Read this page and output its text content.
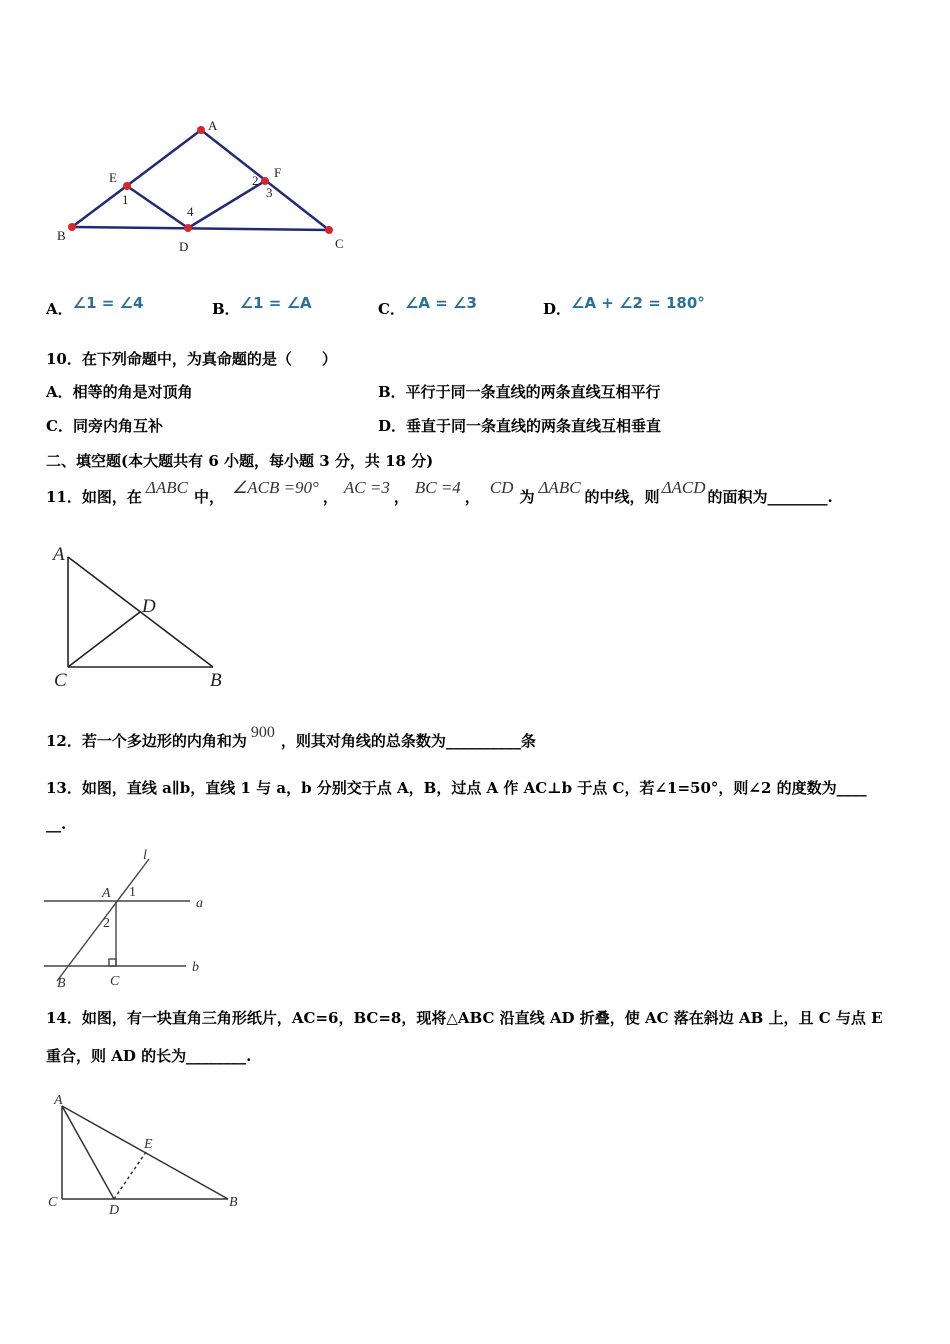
A
E	F
B
D	C
1
2
3
4
A．∠1 = ∠4	B．∠1 = ∠A	C．∠A = ∠3	D．∠A + ∠2 = 180°
10．在下列命题中，为真命题的是（　　）
A．相等的角是对顶角	B．平行于同一条直线的两条直线互相平行
C．同旁内角互补	D．垂直于同一条直线的两条直线互相垂直
二、填空题(本大题共有 6 小题，每小题 3 分，共 18 分)
11．如图，在 ΔABC 中， ∠ACB =90° ， AC =3 ， BC =4 ， CD 为 ΔABC 的中线，则 ΔACD 的面积为________.
A
D
C	B
12．若一个多边形的内角和为 900 ，则其对角线的总条数为__________条
13．如图，直线 a∥b，直线 1 与 a，b 分别交于点 A，B，过点 A 作 AC⊥b 于点 C，若∠1=50°，则∠2 的度数为____
__.
l
1
A
a
2
b
B	C
14．如图，有一块直角三角形纸片，AC=6，BC=8，现将△ABC 沿直线 AD 折叠，使 AC 落在斜边 AB 上，且 C 与点 E
重合，则 AD 的长为________.
A
E
C
D
B
